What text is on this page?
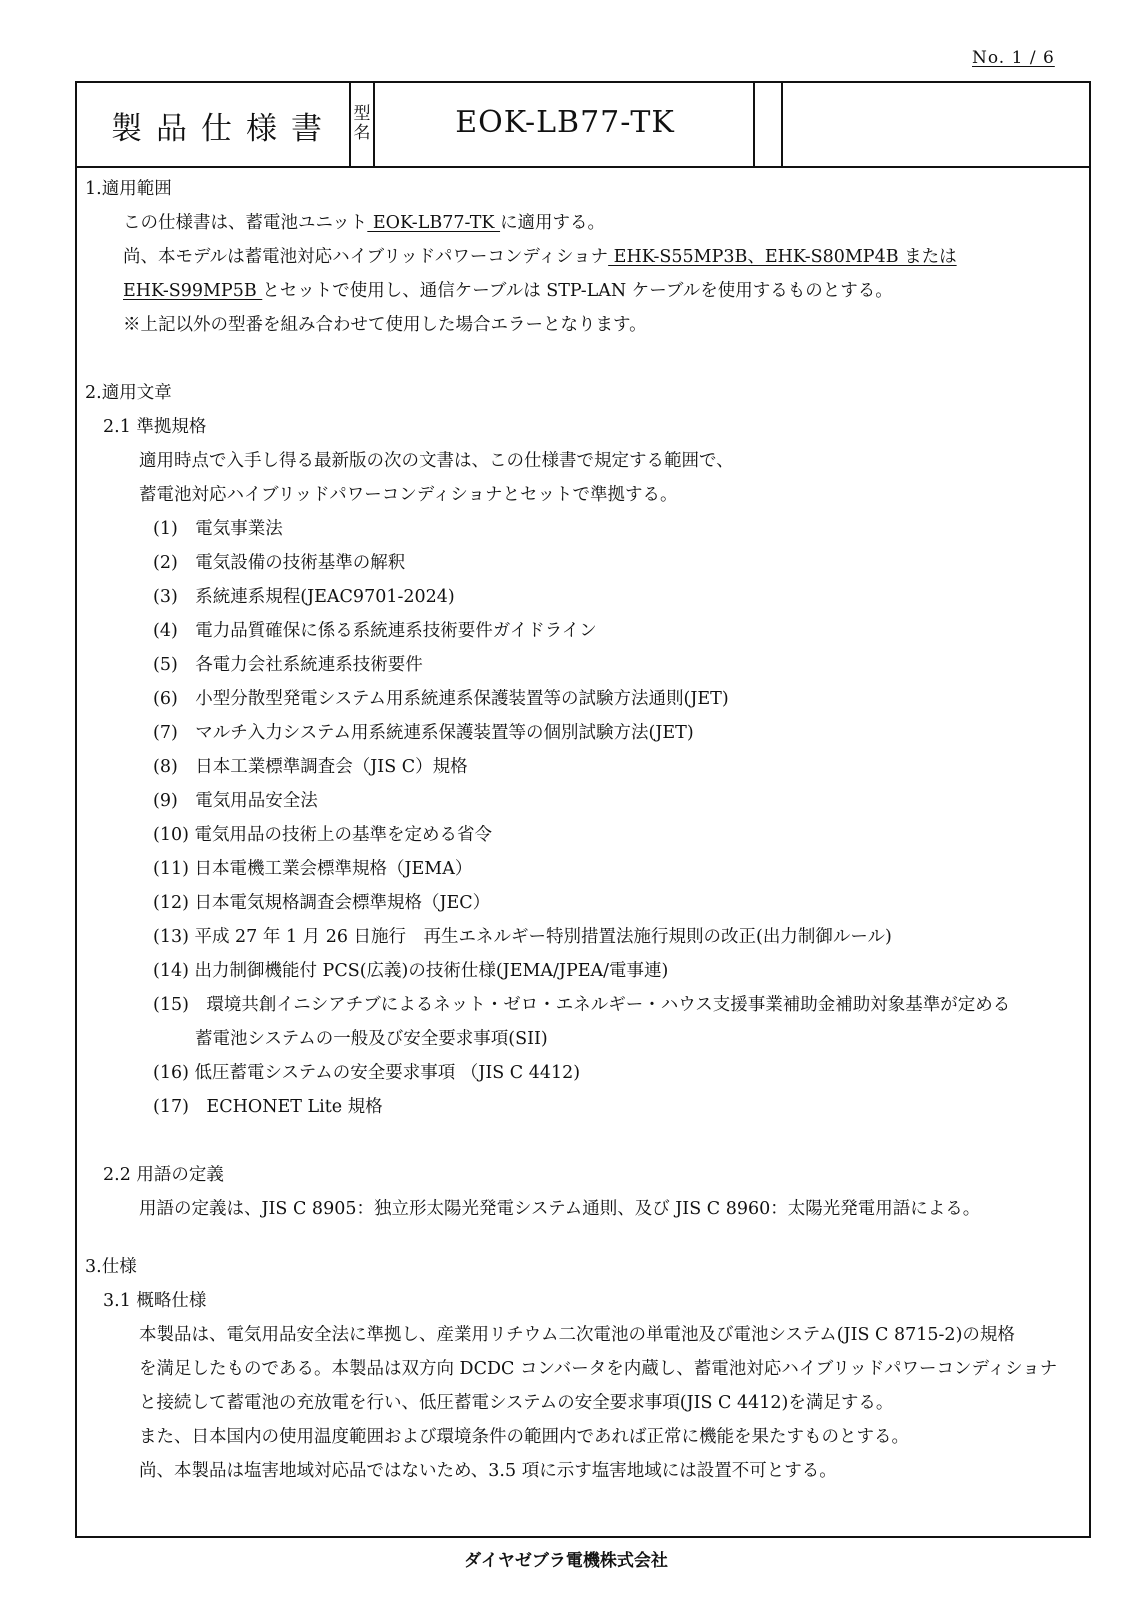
No. 1 / 6
製品仕様書 型名	EOK-LB77-TK
1.適用範囲
この仕様書は、蓄電池ユニット EOK-LB77-TK に適用する。
尚、本モデルは蓄電池対応ハイブリッドパワーコンディショナ EHK-S55MP3B、EHK-S80MP4B または
EHK-S99MP5B とセットで使用し、通信ケーブルは STP-LAN ケーブルを使用するものとする。
※上記以外の型番を組み合わせて使用した場合エラーとなります。
2.適用文章
2.1 準拠規格
適用時点で入手し得る最新版の次の文書は、この仕様書で規定する範囲で、
蓄電池対応ハイブリッドパワーコンディショナとセットで準拠する。
(1)　電気事業法
(2)　電気設備の技術基準の解釈
(3)　系統連系規程(JEAC9701-2024)
(4)　電力品質確保に係る系統連系技術要件ガイドライン
(5)　各電力会社系統連系技術要件
(6)　小型分散型発電システム用系統連系保護装置等の試験方法通則(JET)
(7)　マルチ入力システム用系統連系保護装置等の個別試験方法(JET)
(8)　日本工業標準調査会（JIS C）規格
(9)　電気用品安全法
(10) 電気用品の技術上の基準を定める省令
(11) 日本電機工業会標準規格（JEMA）
(12) 日本電気規格調査会標準規格（JEC）
(13) 平成 27 年 1 月 26 日施行　再生エネルギー特別措置法施行規則の改正(出力制御ルール)
(14) 出力制御機能付 PCS(広義)の技術仕様(JEMA/JPEA/電事連)
(15)　環境共創イニシアチブによるネット・ゼロ・エネルギー・ハウス支援事業補助金補助対象基準が定める
蓄電池システムの一般及び安全要求事項(SII)
(16) 低圧蓄電システムの安全要求事項 （JIS C 4412)
(17)　ECHONET Lite 規格
2.2 用語の定義
用語の定義は、JIS C 8905：独立形太陽光発電システム通則、及び JIS C 8960：太陽光発電用語による。
3.仕様
3.1 概略仕様
本製品は、電気用品安全法に準拠し、産業用リチウム二次電池の単電池及び電池システム(JIS C 8715-2)の規格
を満足したものである。本製品は双方向 DCDC コンバータを内蔵し、蓄電池対応ハイブリッドパワーコンディショナ
と接続して蓄電池の充放電を行い、低圧蓄電システムの安全要求事項(JIS C 4412)を満足する。
また、日本国内の使用温度範囲および環境条件の範囲内であれば正常に機能を果たすものとする。
尚、本製品は塩害地域対応品ではないため、3.5 項に示す塩害地域には設置不可とする。
ダイヤゼブラ電機株式会社
